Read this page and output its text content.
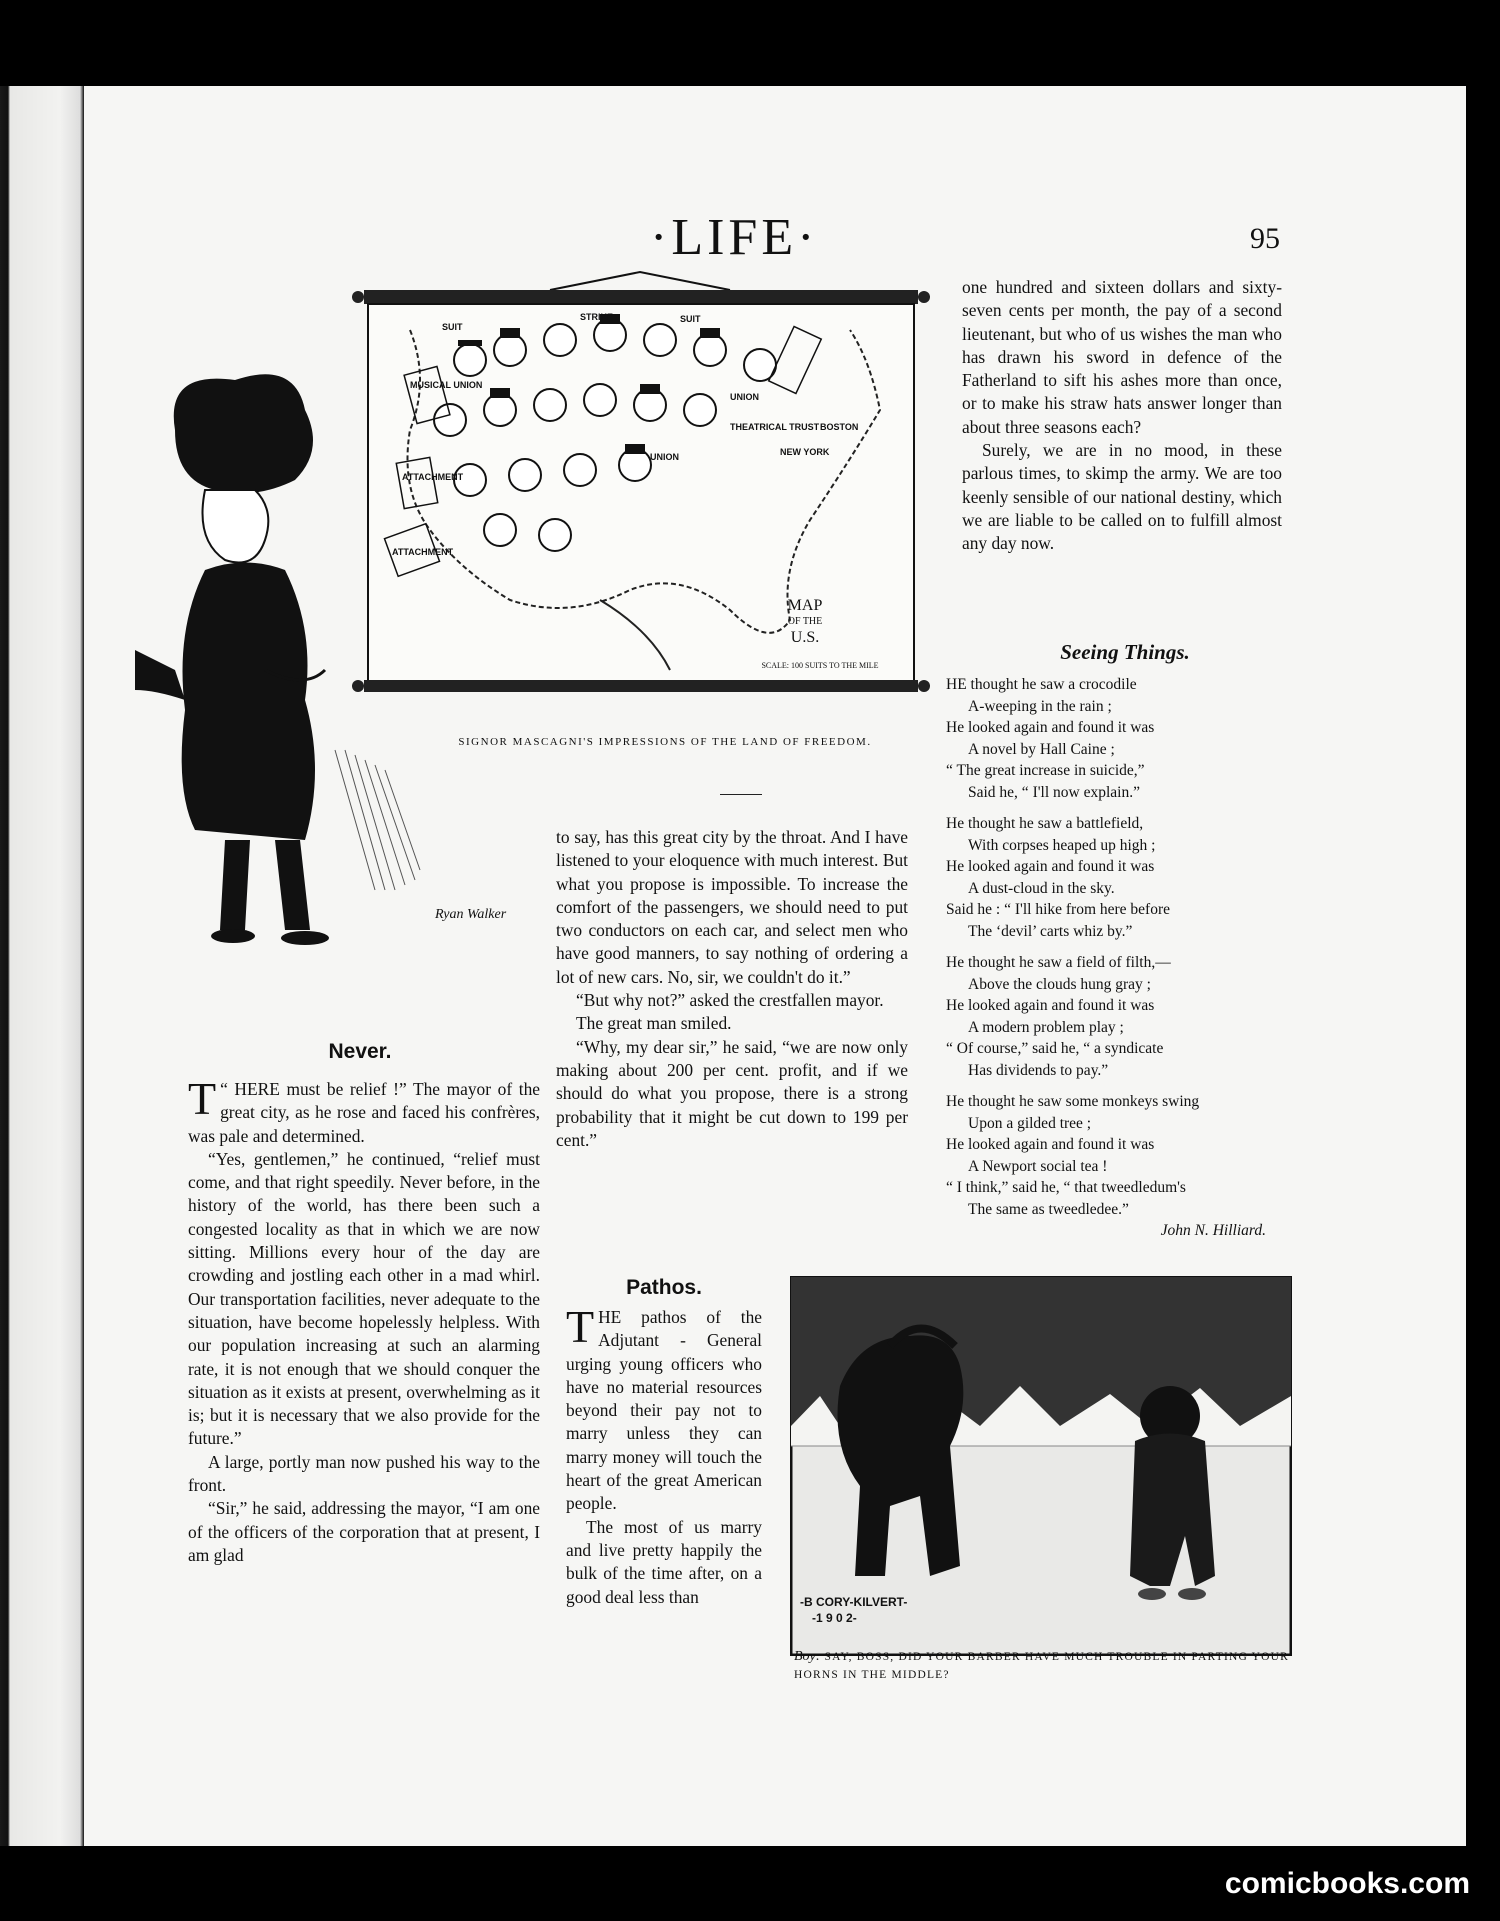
·LIFE·	95
SUIT
STRIKE	SUIT
UNION
MUSICAL UNION
ATTACHMENT
ATTACHMENT
UNION
BOSTON
NEW YORK
THEATRICAL TRUST
MAP
OF THE
U.S.
SCALE: 100 SUITS TO THE MILE
SIGNOR MASCAGNI'S IMPRESSIONS OF THE LAND OF FREEDOM.
Ryan Walker
Never.

T “ HERE must be relief !” The mayor of the great city, as he rose and faced his confrères, was pale and determined.

“Yes, gentlemen,” he continued, “relief must come, and that right speedily. Never before, in the history of the world, has there been such a congested locality as that in which we are now sitting. Millions every hour of the day are crowding and jostling each other in a mad whirl. Our transportation facilities, never adequate to the situation, have become hopelessly helpless. With our population increasing at such an alarming rate, it is not enough that we should conquer the situation as it exists at present, overwhelming as it is; but it is necessary that we also provide for the future.”

A large, portly man now pushed his way to the front.

“Sir,” he said, addressing the mayor, “I am one of the officers of the corporation that at present, I am glad

to say, has this great city by the throat. And I have listened to your eloquence with much interest. But what you propose is impossible. To increase the comfort of the passengers, we should need to put two conductors on each car, and select men who have good manners, to say nothing of ordering a lot of new cars. No, sir, we couldn't do it.”

“But why not?” asked the crestfallen mayor.

The great man smiled.

“Why, my dear sir,” he said, “we are now only making about 200 per cent. profit, and if we should do what you propose, there is a strong probability that it might be cut down to 199 per cent.”

Pathos.

THE pathos of the Adjutant - General urging young officers who have no material resources beyond their pay not to marry unless they can marry money will touch the heart of the great American people.

The most of us marry and live pretty happily the bulk of the time after, on a good deal less than

one hundred and sixteen dollars and sixty-seven cents per month, the pay of a second lieutenant, but who of us wishes the man who has drawn his sword in defence of the Fatherland to sift his ashes more than once, or to make his straw hats answer longer than about three seasons each?

Surely, we are in no mood, in these parlous times, to skimp the army. We are too keenly sensible of our national destiny, which we are liable to be called on to fulfill almost any day now.

Seeing Things.
HE thought he saw a crocodile
A-weeping in the rain ;
He looked again and found it was
A novel by Hall Caine ;
“ The great increase in suicide,”
Said he, “ I'll now explain.”
He thought he saw a battlefield,
With corpses heaped up high ;
He looked again and found it was
A dust-cloud in the sky.
Said he : “ I'll hike from here before
The ‘devil’ carts whiz by.”
He thought he saw a field of filth,—
Above the clouds hung gray ;
He looked again and found it was
A modern problem play ;
“ Of course,” said he, “ a syndicate
Has dividends to pay.”
He thought he saw some monkeys swing
Upon a gilded tree ;
He looked again and found it was
A Newport social tea !
“ I think,” said he, “ that tweedledum's
The same as tweedledee.”
John N. Hilliard.
-B CORY-KILVERT-
-1 9 0 2-
Boy: SAY, BOSS, DID YOUR BARBER HAVE MUCH TROUBLE IN PARTING YOUR HORNS IN THE MIDDLE?
comicbooks.com
